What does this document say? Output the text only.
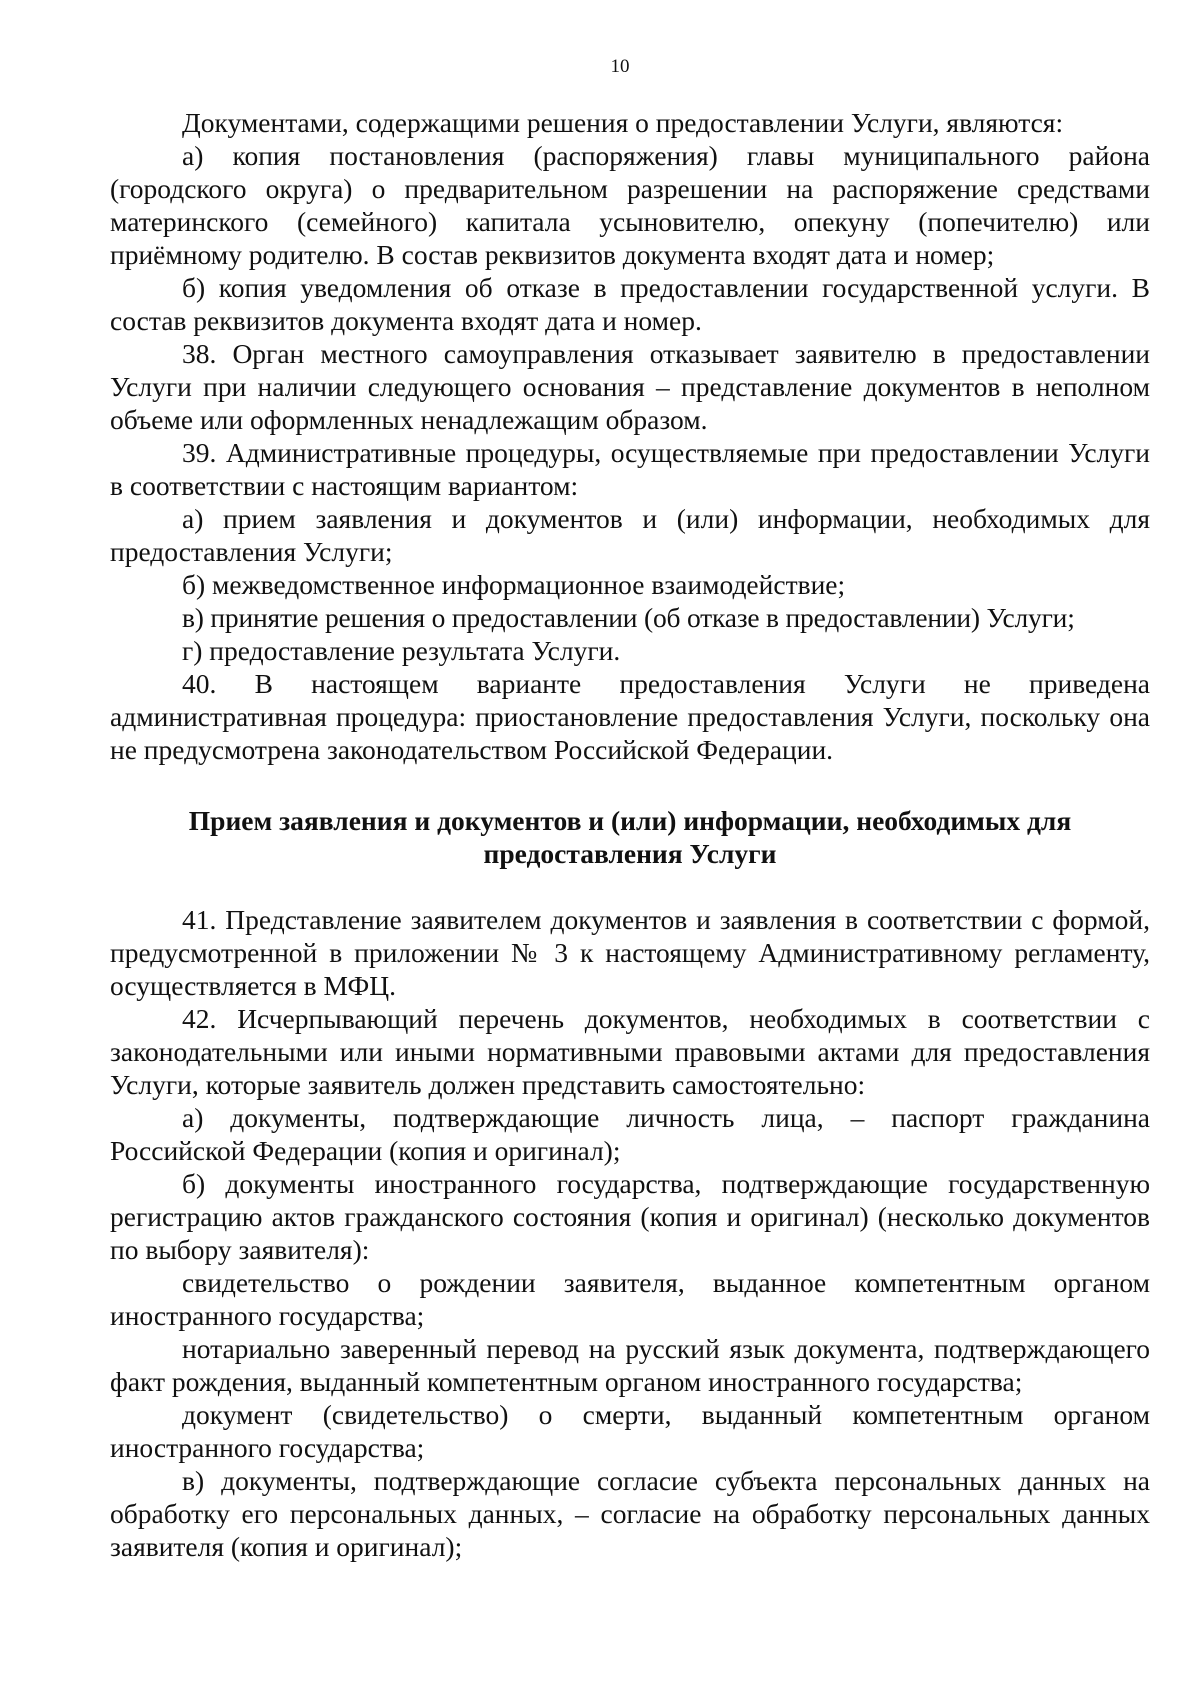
10

Документами, содержащими решения о предоставлении Услуги, являются:

а) копия постановления (распоряжения) главы муниципального района (городского округа) о предварительном разрешении на распоряжение средствами материнского (семейного) капитала усыновителю, опекуну (попечителю) или приёмному родителю. В состав реквизитов документа входят дата и номер;

б) копия уведомления об отказе в предоставлении государственной услуги. В состав реквизитов документа входят дата и номер.

38. Орган местного самоуправления отказывает заявителю в предоставлении Услуги при наличии следующего основания – представление документов в неполном объеме или оформленных ненадлежащим образом.

39. Административные процедуры, осуществляемые при предоставлении Услуги в соответствии с настоящим вариантом:

а) прием заявления и документов и (или) информации, необходимых для предоставления Услуги;

б) межведомственное информационное взаимодействие;

в) принятие решения о предоставлении (об отказе в предоставлении) Услуги;

г) предоставление результата Услуги.

40. В настоящем варианте предоставления Услуги не приведена административная процедура: приостановление предоставления Услуги, поскольку она не предусмотрена законодательством Российской Федерации.

Прием заявления и документов и (или) информации, необходимых для предоставления Услуги

41. Представление заявителем документов и заявления в соответствии с формой, предусмотренной в приложении № 3 к настоящему Административному регламенту, осуществляется в МФЦ.

42. Исчерпывающий перечень документов, необходимых в соответствии с законодательными или иными нормативными правовыми актами для предоставления Услуги, которые заявитель должен представить самостоятельно:

а) документы, подтверждающие личность лица, – паспорт гражданина Российской Федерации (копия и оригинал);

б) документы иностранного государства, подтверждающие государственную регистрацию актов гражданского состояния (копия и оригинал) (несколько документов по выбору заявителя):

свидетельство о рождении заявителя, выданное компетентным органом иностранного государства;

нотариально заверенный перевод на русский язык документа, подтверждающего факт рождения, выданный компетентным органом иностранного государства;

документ (свидетельство) о смерти, выданный компетентным органом иностранного государства;

в) документы, подтверждающие согласие субъекта персональных данных на обработку его персональных данных, – согласие на обработку персональных данных заявителя (копия и оригинал);
